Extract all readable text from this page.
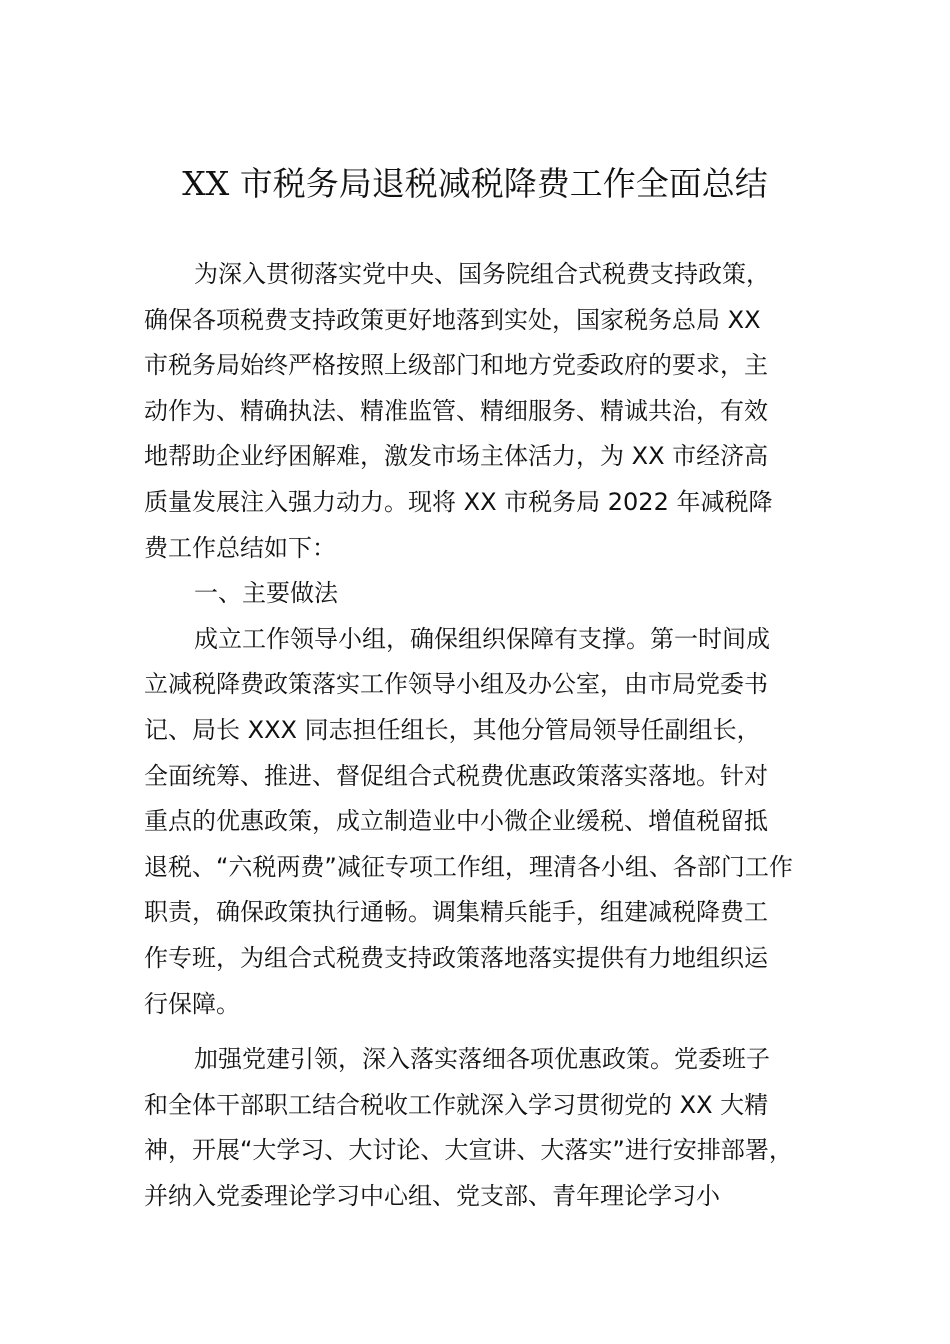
XX 市税务局退税减税降费工作全面总结
为深入贯彻落实党中央、国务院组合式税费支持政策，
确保各项税费支持政策更好地落到实处，国家税务总局 XX
市税务局始终严格按照上级部门和地方党委政府的要求，主
动作为、精确执法、精准监管、精细服务、精诚共治，有效
地帮助企业纾困解难，激发市场主体活力，为 XX 市经济高
质量发展注入强力动力。现将 XX 市税务局 2022 年减税降
费工作总结如下：
一、主要做法
成立工作领导小组，确保组织保障有支撑。第一时间成
立减税降费政策落实工作领导小组及办公室，由市局党委书
记、局长 XXX 同志担任组长，其他分管局领导任副组长，
全面统筹、推进、督促组合式税费优惠政策落实落地。针对
重点的优惠政策，成立制造业中小微企业缓税、增值税留抵
退税、“六税两费”减征专项工作组，理清各小组、各部门工作
职责，确保政策执行通畅。调集精兵能手，组建减税降费工
作专班，为组合式税费支持政策落地落实提供有力地组织运
行保障。
加强党建引领，深入落实落细各项优惠政策。党委班子
和全体干部职工结合税收工作就深入学习贯彻党的 XX 大精
神，开展“大学习、大讨论、大宣讲、大落实”进行安排部署，
并纳入党委理论学习中心组、党支部、青年理论学习小
